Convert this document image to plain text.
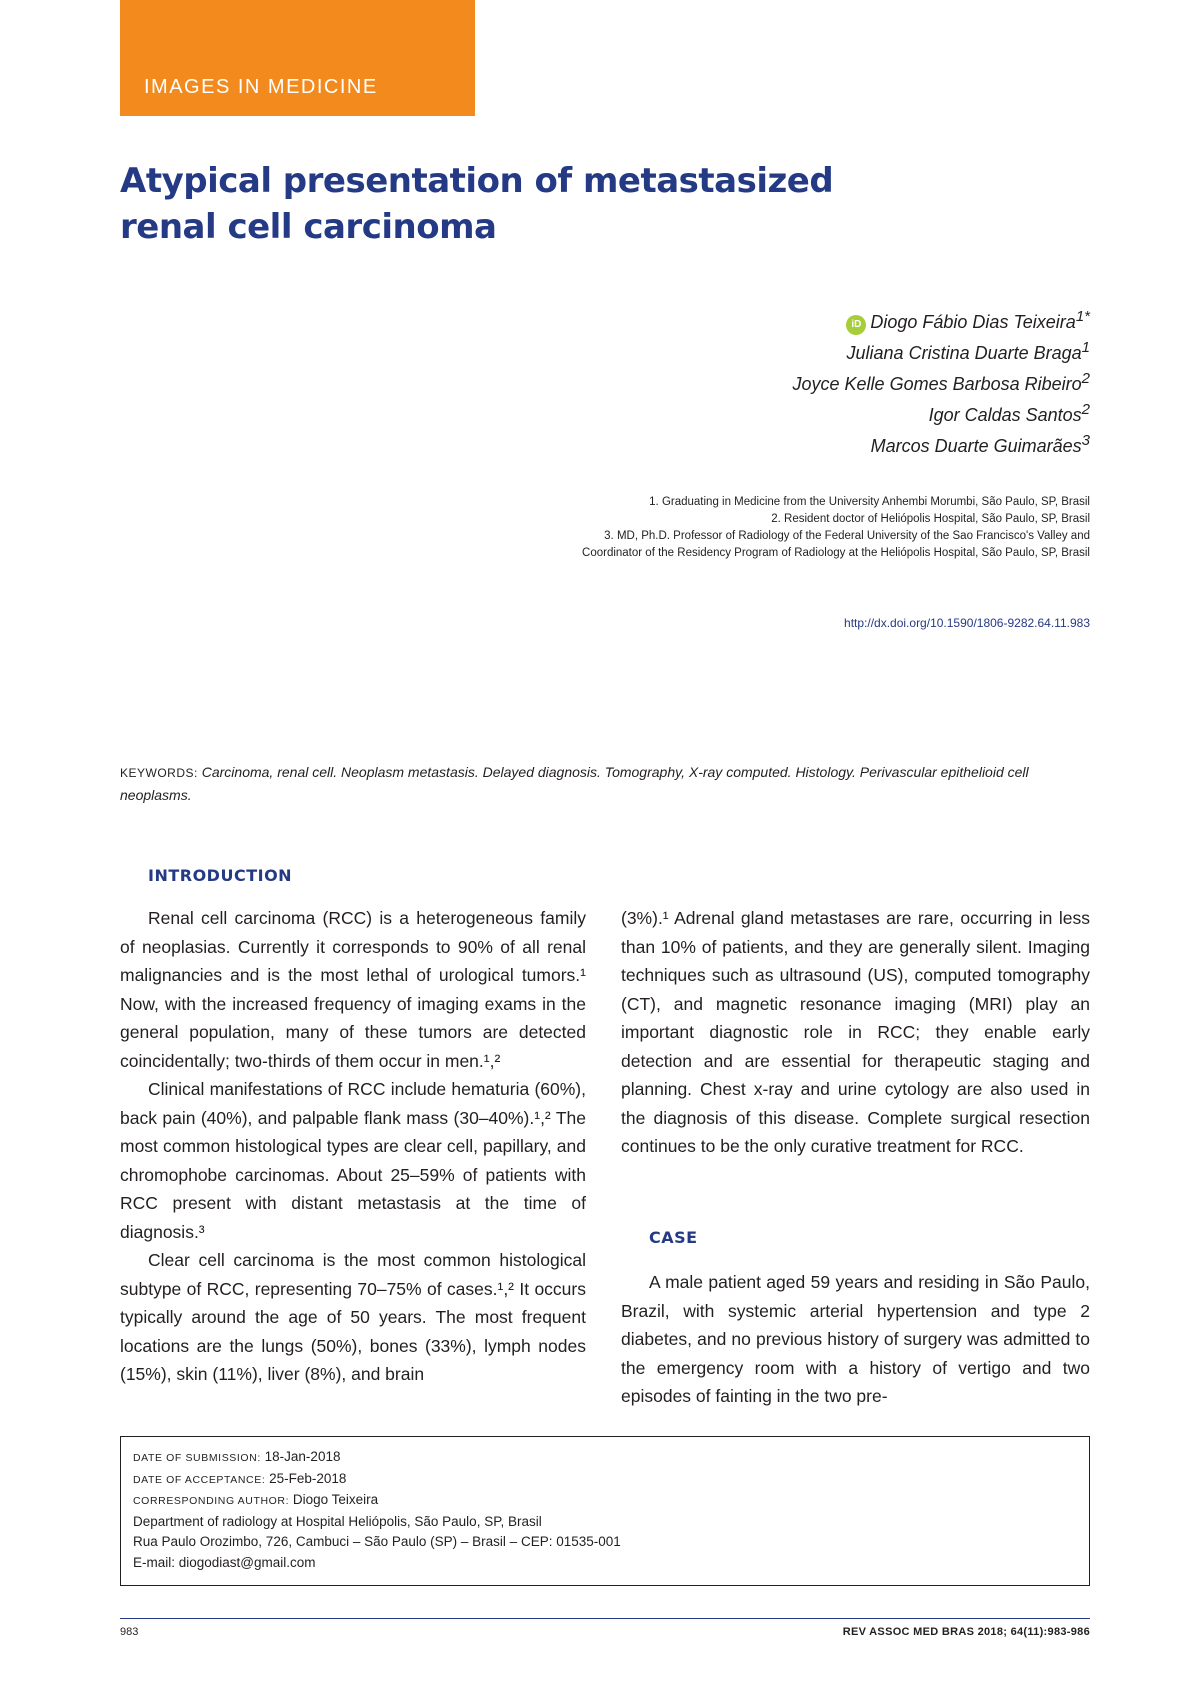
IMAGES IN MEDICINE
Atypical presentation of metastasized renal cell carcinoma
iD Diogo Fábio Dias Teixeira$^{1*}$
Juliana Cristina Duarte Braga$^1$
Joyce Kelle Gomes Barbosa Ribeiro$^2$
Igor Caldas Santos$^2$
Marcos Duarte Guimarães$^3$
1. Graduating in Medicine from the University Anhembi Morumbi, São Paulo, SP, Brasil
2. Resident doctor of Heliópolis Hospital, São Paulo, SP, Brasil
3. MD, Ph.D. Professor of Radiology of the Federal University of the Sao Francisco's Valley and
Coordinator of the Residency Program of Radiology at the Heliópolis Hospital, São Paulo, SP, Brasil
http://dx.doi.org/10.1590/1806-9282.64.11.983
KEYWORDS: Carcinoma, renal cell. Neoplasm metastasis. Delayed diagnosis. Tomography, X-ray computed. Histology. Perivascular epithelioid cell neoplasms.
INTRODUCTION

Renal cell carcinoma (RCC) is a heterogeneous family of neoplasias. Currently it corresponds to 90% of all renal malignancies and is the most lethal of urological tumors.¹ Now, with the increased frequency of imaging exams in the general population, many of these tumors are detected coincidentally; two-thirds of them occur in men.¹,²

Clinical manifestations of RCC include hematuria (60%), back pain (40%), and palpable flank mass (30–40%).¹,² The most common histological types are clear cell, papillary, and chromophobe carcinomas. About 25–59% of patients with RCC present with distant metastasis at the time of diagnosis.³

Clear cell carcinoma is the most common histological subtype of RCC, representing 70–75% of cases.¹,² It occurs typically around the age of 50 years. The most frequent locations are the lungs (50%), bones (33%), lymph nodes (15%), skin (11%), liver (8%), and brain

(3%).¹ Adrenal gland metastases are rare, occurring in less than 10% of patients, and they are generally silent. Imaging techniques such as ultrasound (US), computed tomography (CT), and magnetic resonance imaging (MRI) play an important diagnostic role in RCC; they enable early detection and are essential for therapeutic staging and planning. Chest x-ray and urine cytology are also used in the diagnosis of this disease. Complete surgical resection continues to be the only curative treatment for RCC.

CASE

A male patient aged 59 years and residing in São Paulo, Brazil, with systemic arterial hypertension and type 2 diabetes, and no previous history of surgery was admitted to the emergency room with a history of vertigo and two episodes of fainting in the two pre-

DATE OF SUBMISSION: 18-Jan-2018
DATE OF ACCEPTANCE: 25-Feb-2018
CORRESPONDING AUTHOR: Diogo Teixeira
Department of radiology at Hospital Heliópolis, São Paulo, SP, Brasil
Rua Paulo Orozimbo, 726, Cambuci – São Paulo (SP) – Brasil – CEP: 01535-001
E-mail: diogodiast@gmail.com
983	REV ASSOC MED BRAS 2018; 64(11):983-986
